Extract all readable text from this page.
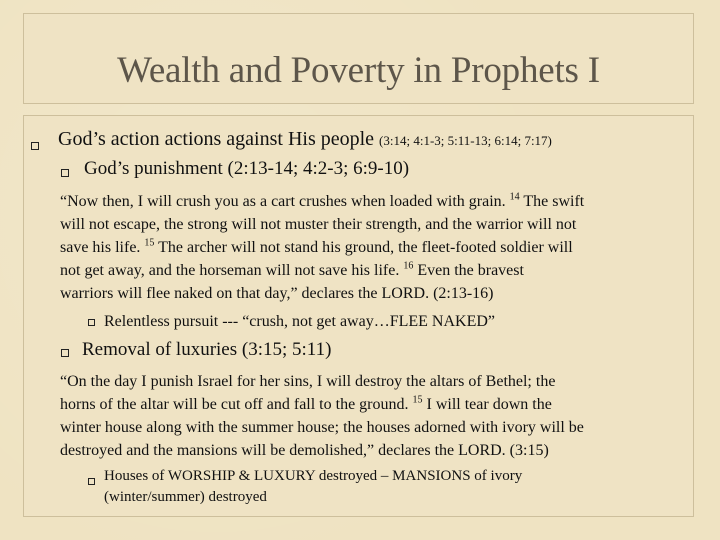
Wealth and Poverty in Prophets I
God’s action actions against His people (3:14; 4:1-3; 5:11-13; 6:14; 7:17)
God’s punishment (2:13-14; 4:2-3; 6:9-10)
“Now then, I will crush you as a cart crushes when loaded with grain. $^{14}$ The swift
will not escape, the strong will not muster their strength, and the warrior will not
save his life. $^{15}$ The archer will not stand his ground, the fleet-footed soldier will
not get away, and the horseman will not save his life. $^{16}$ Even the bravest
warriors will flee naked on that day,” declares the LORD. (2:13-16)
Relentless pursuit --- “crush, not get away…FLEE NAKED”
Removal of luxuries (3:15; 5:11)
“On the day I punish Israel for her sins, I will destroy the altars of Bethel; the
horns of the altar will be cut off and fall to the ground. $^{15}$ I will tear down the
winter house along with the summer house; the houses adorned with ivory will be
destroyed and the mansions will be demolished,” declares the LORD. (3:15)
Houses of WORSHIP & LUXURY destroyed – MANSIONS of ivory
(winter/summer) destroyed
